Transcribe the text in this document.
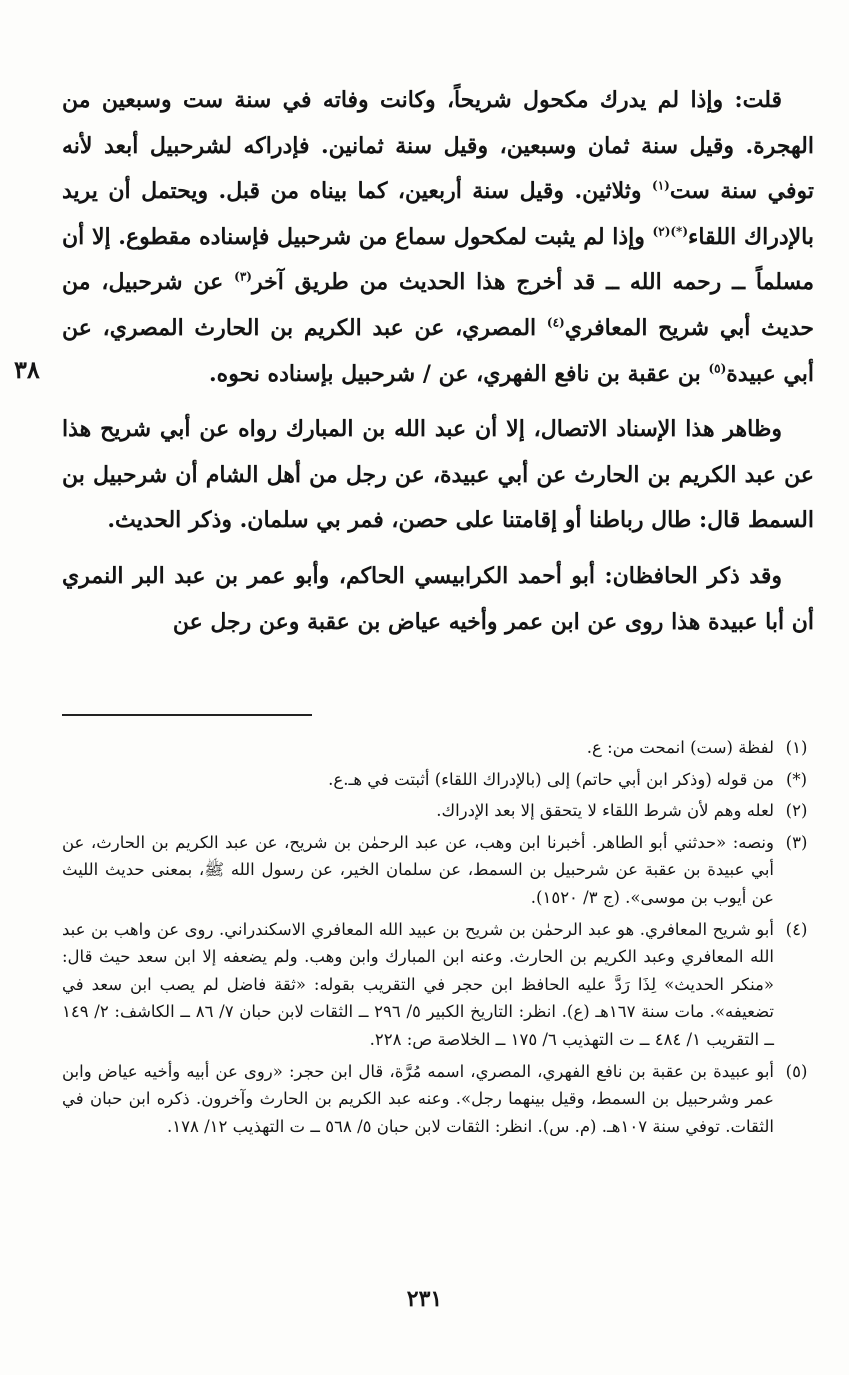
٣٨

قلت: وإذا لم يدرك مكحول شريحاً، وكانت وفاته في سنة ست وسبعين من الهجرة. وقيل سنة ثمان وسبعين، وقيل سنة ثمانين. فإدراكه لشرحبيل أبعد لأنه توفي سنة ست$^{(١)}$ وثلاثين. وقيل سنة أربعين، كما بيناه من قبل. ويحتمل أن يريد بالإدراك اللقاء$^{(*)(٢)}$ وإذا لم يثبت لمكحول سماع من شرحبيل فإسناده مقطوع. إلا أن مسلماً ــ رحمه الله ــ قد أخرج هذا الحديث من طريق آخر$^{(٣)}$ عن شرحبيل، من حديث أبي شريح المعافري$^{(٤)}$ المصري، عن عبد الكريم بن الحارث المصري، عن أبي عبيدة$^{(٥)}$ بن عقبة بن نافع الفهري، عن / شرحبيل بإسناده نحوه.

وظاهر هذا الإسناد الاتصال، إلا أن عبد الله بن المبارك رواه عن أبي شريح هذا عن عبد الكريم بن الحارث عن أبي عبيدة، عن رجل من أهل الشام أن شرحبيل بن السمط قال: طال رباطنا أو إقامتنا على حصن، فمر بي سلمان. وذكر الحديث.

وقد ذكر الحافظان: أبو أحمد الكرابيسي الحاكم، وأبو عمر بن عبد البر النمري أن أبا عبيدة هذا روى عن ابن عمر وأخيه عياض بن عقبة وعن رجل عن

(١)
لفظة (ست) انمحت من: ع.
(*)
من قوله (وذكر ابن أبي حاتم) إلى (بالإدراك اللقاء) أثبتت في هـ.ع.
(٢)
لعله وهم لأن شرط اللقاء لا يتحقق إلا بعد الإدراك.
(٣)
ونصه: «حدثني أبو الطاهر. أخبرنا ابن وهب، عن عبد الرحمٰن بن شريح، عن عبد الكريم بن الحارث، عن أبي عبيدة بن عقبة عن شرحبيل بن السمط، عن سلمان الخير، عن رسول الله ﷺ، بمعنى حديث الليث عن أيوب بن موسى». (ج ٣/ ١٥٢٠).
(٤)
أبو شريح المعافري. هو عبد الرحمٰن بن شريح بن عبيد الله المعافري الاسكندراني. روى عن واهب بن عبد الله المعافري وعبد الكريم بن الحارث. وعنه ابن المبارك وابن وهب. ولم يضعفه إلا ابن سعد حيث قال: «منكر الحديث» لِذَا رَدَّ عليه الحافظ ابن حجر في التقريب بقوله: «ثقة فاضل لم يصب ابن سعد في تضعيفه». مات سنة ١٦٧هـ (ع). انظر: التاريخ الكبير ٥/ ٢٩٦ ــ الثقات لابن حبان ٧/ ٨٦ ــ الكاشف: ٢/ ١٤٩ ــ التقريب ١/ ٤٨٤ ــ ت التهذيب ٦/ ١٧٥ ــ الخلاصة ص: ٢٢٨.
(٥)
أبو عبيدة بن عقبة بن نافع الفهري، المصري، اسمه مُرَّة، قال ابن حجر: «روى عن أبيه وأخيه عياض وابن عمر وشرحبيل بن السمط، وقيل بينهما رجل». وعنه عبد الكريم بن الحارث وآخرون. ذكره ابن حبان في الثقات. توفي سنة ١٠٧هـ. (م. س). انظر: الثقات لابن حبان ٥/ ٥٦٨ ــ ت التهذيب ١٢/ ١٧٨.
٢٣١
